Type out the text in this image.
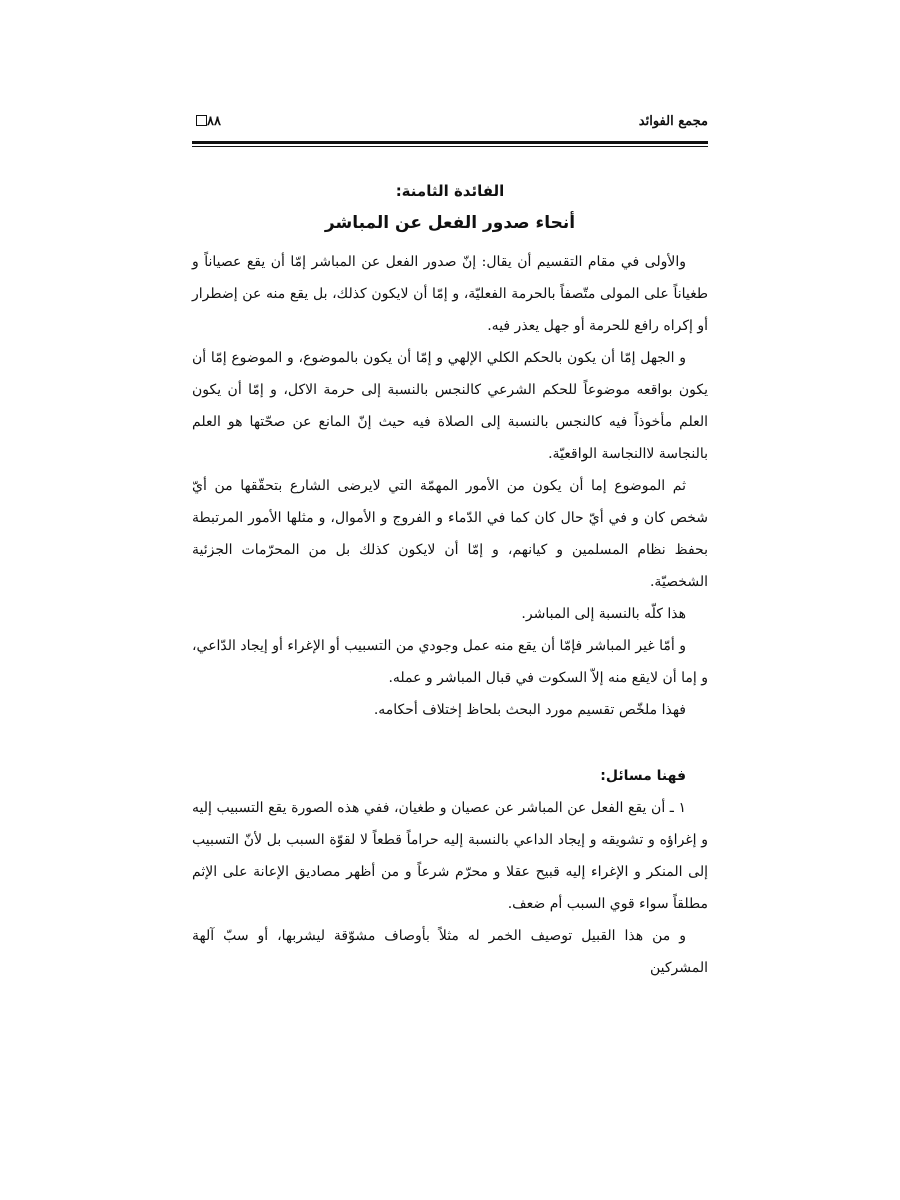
مجمع الفوائد
٨٨
الفائدة الثامنة:
أنحاء صدور الفعل عن المباشر

والأولى في مقام التقسيم أن يقال: إنّ صدور الفعل عن المباشر إمّا أن يقع عصياناً و طغياناً على المولى متّصفاً بالحرمة الفعليّة، و إمّا أن لايكون كذلك، بل يقع منه عن إضطرار أو إكراه رافع للحرمة أو جهل يعذر فيه.

و الجهل إمّا أن يكون بالحكم الكلي الإلهي و إمّا أن يكون بالموضوع، و الموضوع إمّا أن يكون بواقعه موضوعاً للحكم الشرعي كالنجس بالنسبة إلى حرمة الاكل، و إمّا أن يكون العلم مأخوذاً فيه كالنجس بالنسبة إلى الصلاة فيه حيث إنّ المانع عن صحّتها هو العلم بالنجاسة لاالنجاسة الواقعيّة.

ثم الموضوع إما أن يكون من الأمور المهمّة التي لايرضى الشارع بتحقّقها من أيّ شخص كان و في أيّ حال كان كما في الدّماء و الفروج و الأموال، و مثلها الأمور المرتبطة بحفظ نظام المسلمين و كيانهم، و إمّا أن لايكون كذلك بل من المحرّمات الجزئية الشخصيّة.

هذا كلّه بالنسبة إلى المباشر.

و أمّا غير المباشر فإمّا أن يقع منه عمل وجودي من التسبيب أو الإغراء أو إيجاد الدّاعي، و إما أن لايقع منه إلاّ السكوت في قبال المباشر و عمله.

فهذا ملخّص تقسيم مورد البحث بلحاظ إختلاف أحكامه.

فهنا مسائل:

١ ـ أن يقع الفعل عن المباشر عن عصيان و طغيان، ففي هذه الصورة يقع التسبيب إليه و إغراؤه و تشويقه و إيجاد الداعي بالنسبة إليه حراماً قطعاً لا لقوّة السبب بل لأنّ التسبيب إلى المنكر و الإغراء إليه قبيح عقلا و محرّم شرعاً و من أظهر مصاديق الإعانة على الإثم مطلقاً سواء قوي السبب أم ضعف.

و من هذا القبيل توصيف الخمر له مثلاً بأوصاف مشوّقة ليشربها، أو سبّ آلهة المشركين
